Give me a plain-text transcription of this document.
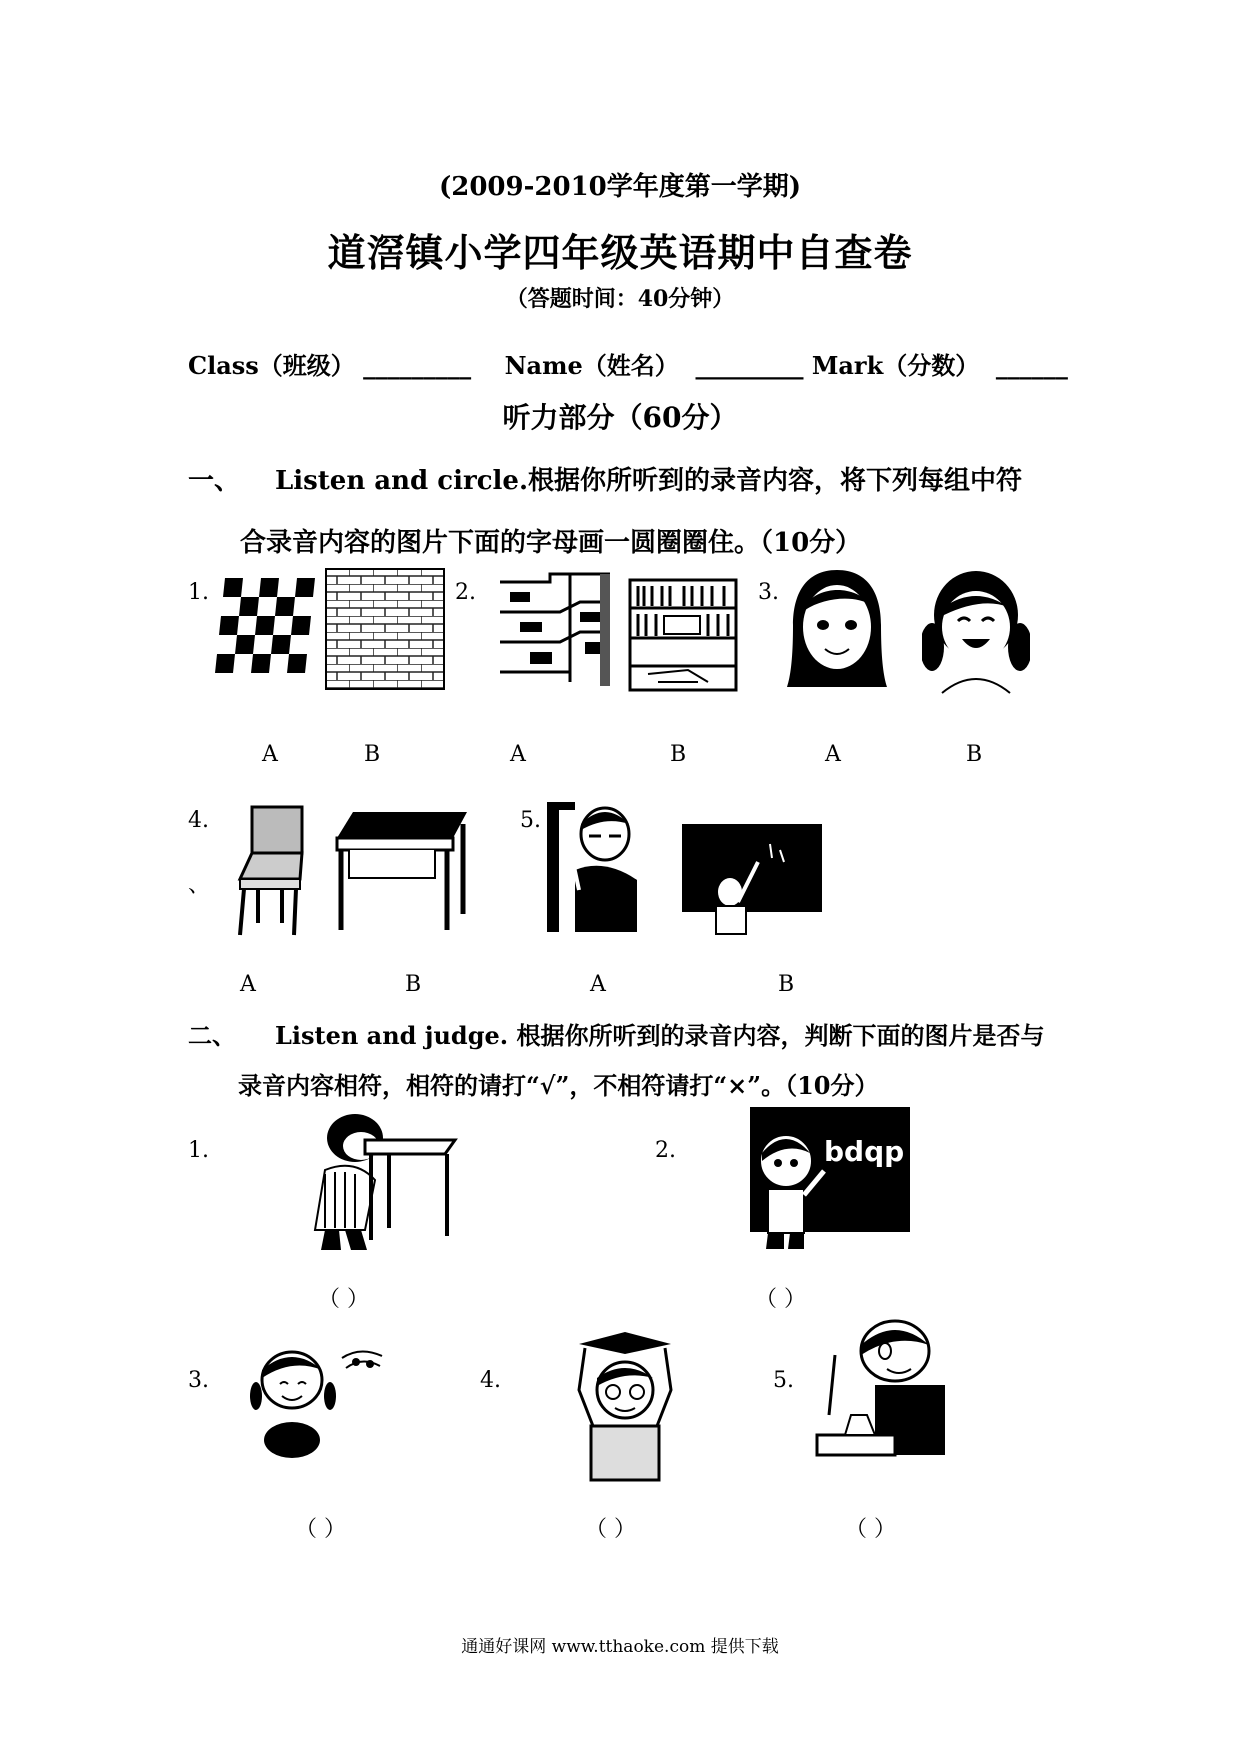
(2009-2010学年度第一学期)
道滘镇小学四年级英语期中自查卷
（答题时间：40分钟）
Class（班级） _________ Name（姓名） _________ Mark（分数） ______
听力部分（60分）
一、 Listen and circle.根据你所听到的录音内容，将下列每组中符
合录音内容的图片下面的字母画一圆圈圈住。（10分）
1.	2.	3.
4.	5.
、
A	B	A	B	A	B
A	B	A	B
二、 Listen and judge. 根据你所听到的录音内容，判断下面的图片是否与
录音内容相符，相符的请打“√”，不相符请打“×”。（10分）
1.	2.
3.	4.	5.
bdqp
（ ）	（ ）
（ ）	（ ）	（ ）
通通好课网 www.tthaoke.com 提供下载
